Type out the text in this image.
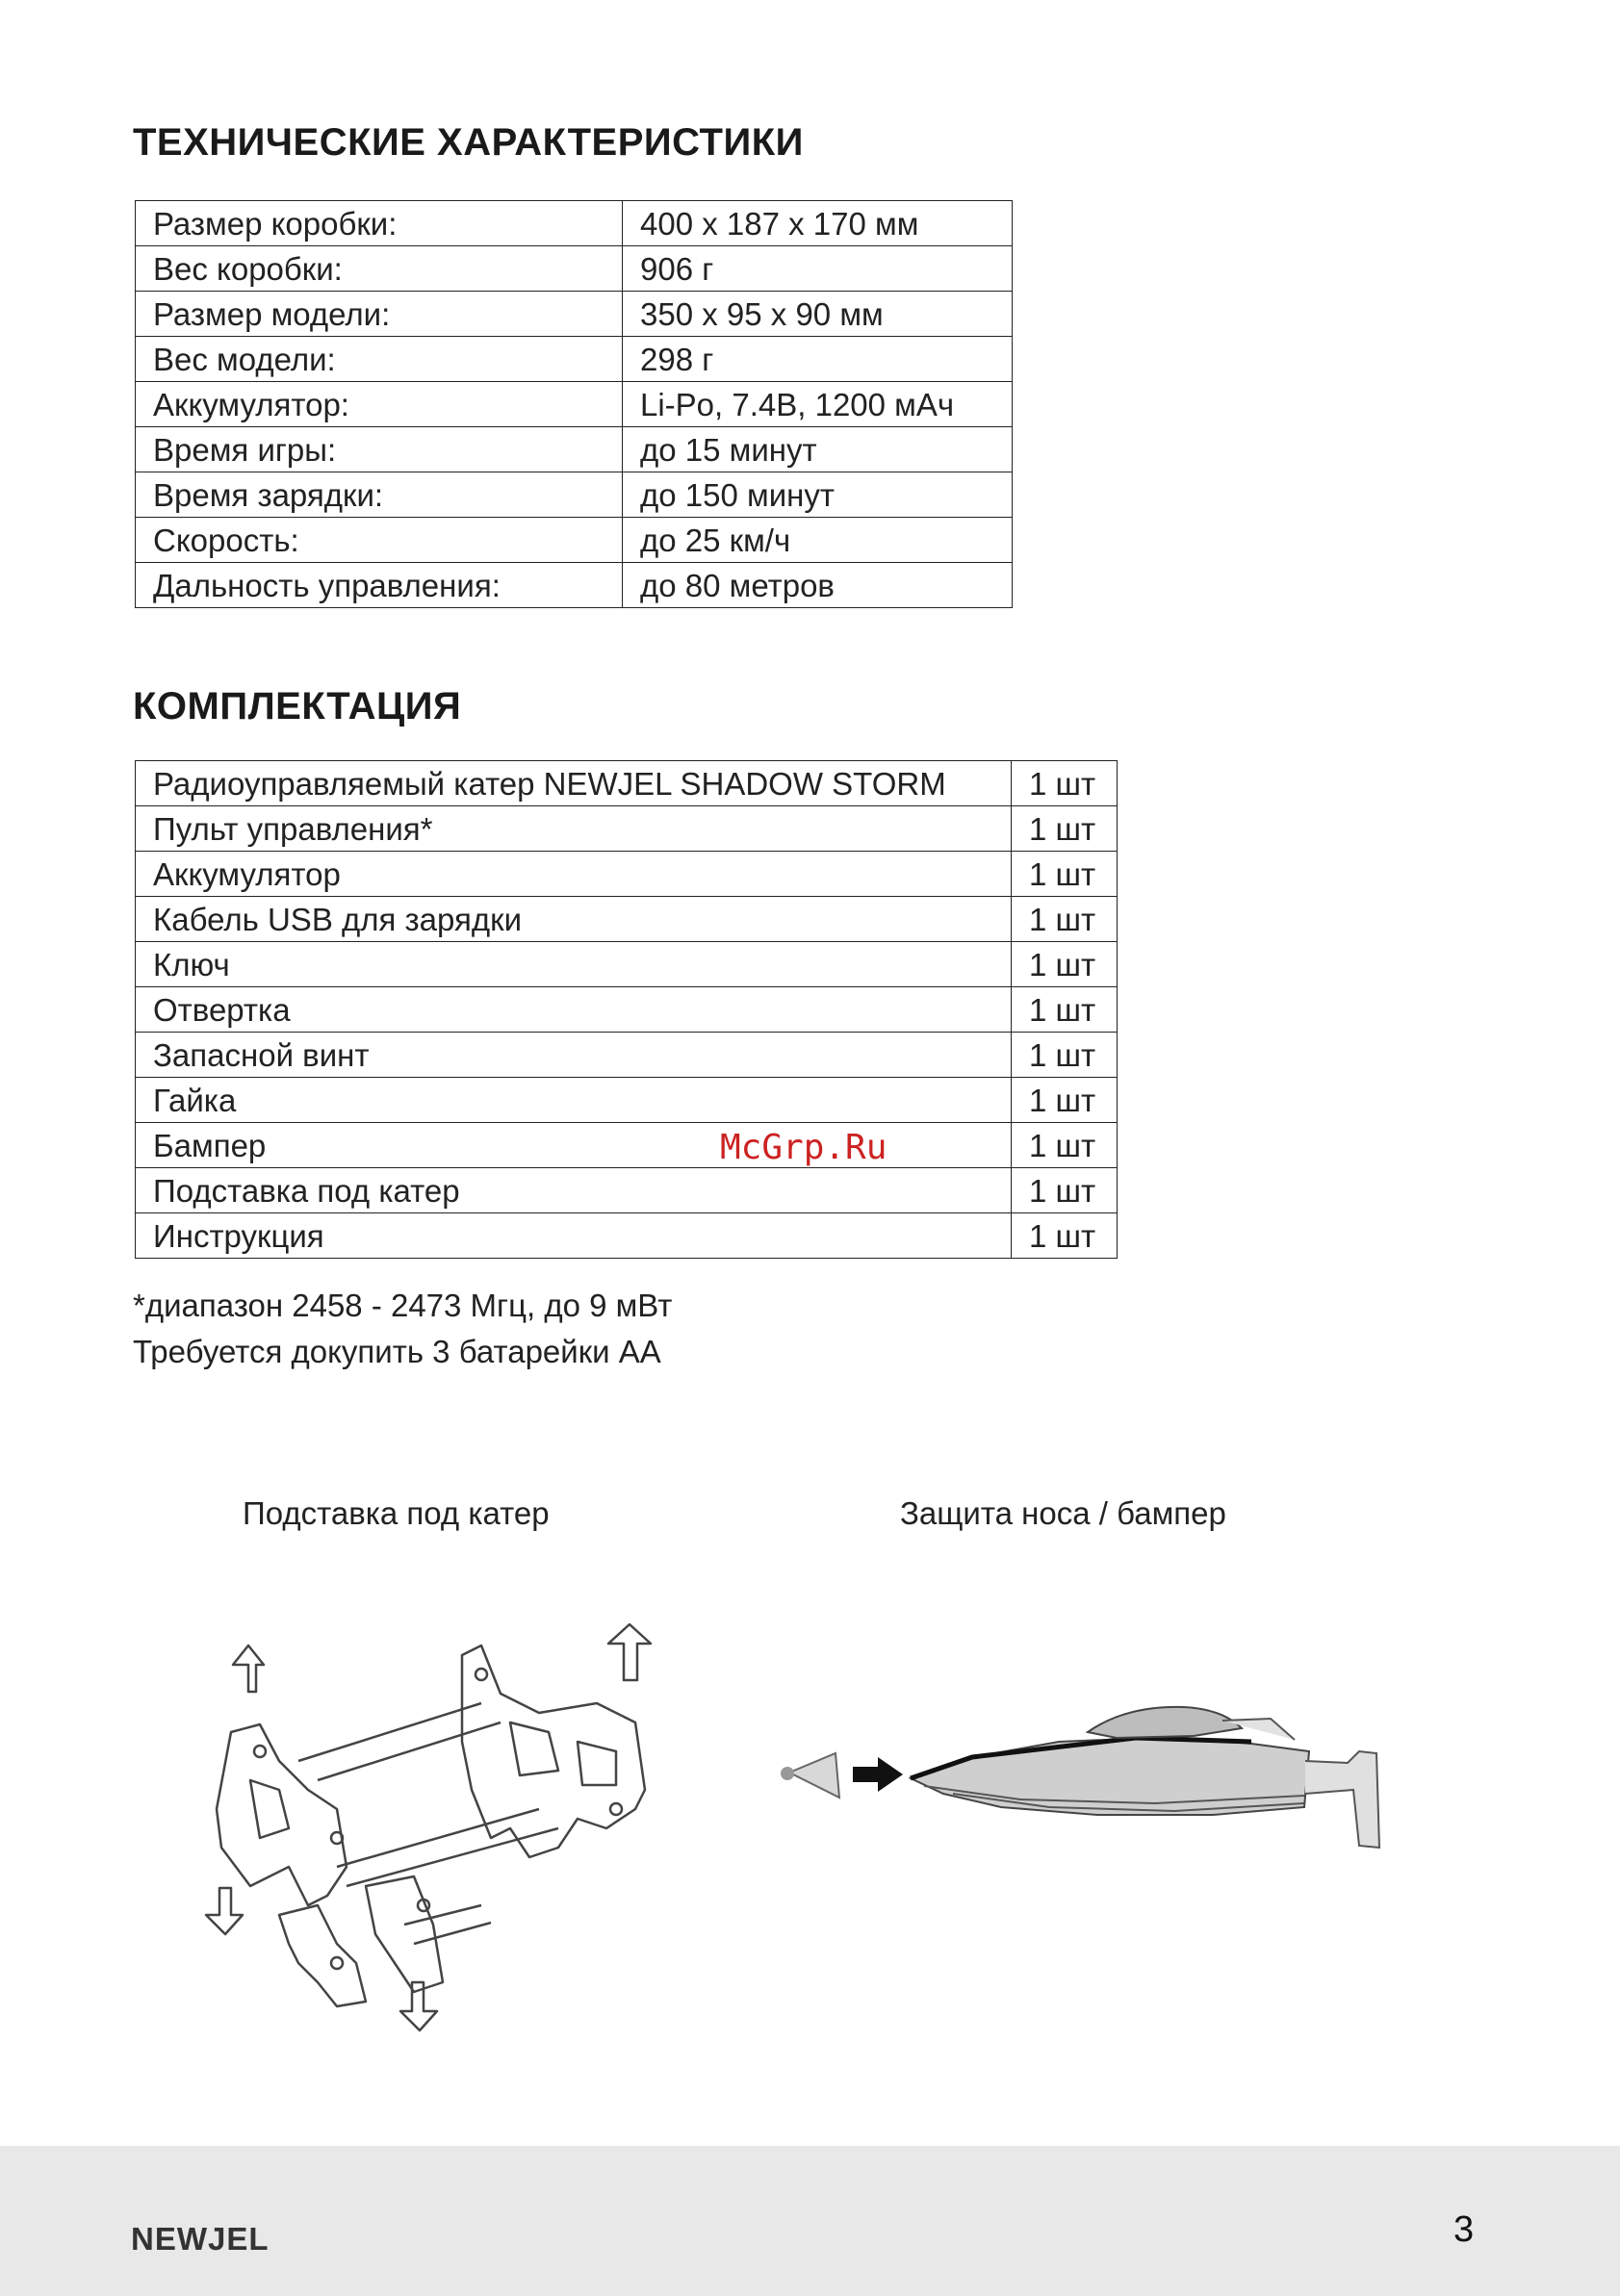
ТЕХНИЧЕСКИЕ ХАРАКТЕРИСТИКИ
Размер коробки:	400 x 187 x 170 мм
Вес коробки:	906 г
Размер модели:	350 x 95 x 90 мм
Вес модели:	298 г
Аккумулятор:	Li-Po, 7.4В, 1200 мАч
Время игры:	до 15 минут
Время зарядки:	до 150 минут
Скорость:	до 25 км/ч
Дальность управления:	до 80 метров
КОМПЛЕКТАЦИЯ
Радиоуправляемый катер NEWJEL SHADOW STORM	1 шт
Пульт управления*	1 шт
Аккумулятор	1 шт
Кабель USB для зарядки	1 шт
Ключ	1 шт
Отвертка	1 шт
Запасной винт	1 шт
Гайка	1 шт
Бампер	1 шт
Подставка под катер	1 шт
Инструкция	1 шт
McGrp.Ru
*диапазон 2458 - 2473 Мгц, до 9 мВт
Требуется докупить 3 батарейки AA
Подставка под катер	Защита носа / бампер
NEWJEL	3
